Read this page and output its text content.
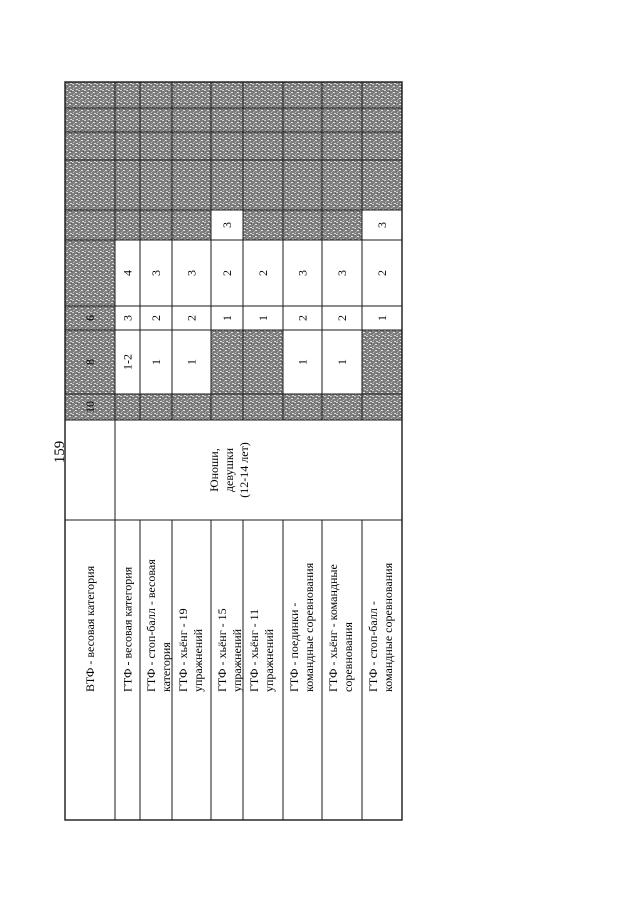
159
10
8
6
1-2
3
4
1
2
3
1
2
3
1
2
3
1
2
1
2
3
1
2
3
1
2
3
ВТФ - весовая категория ГТФ - весовая категория ГТФ - стоп-балл - весовая категория ГТФ - хьёнг - 19 упражнений ГТФ - хьёнг - 15 упражнений ГТФ - хьёнг - 11 упражнений ГТФ - поединки - командные соревнования ГТФ - хьёнг - командные соревнования ГТФ - стоп-балл - командные соревнования
Юноши, девушки (12-14 лет)
